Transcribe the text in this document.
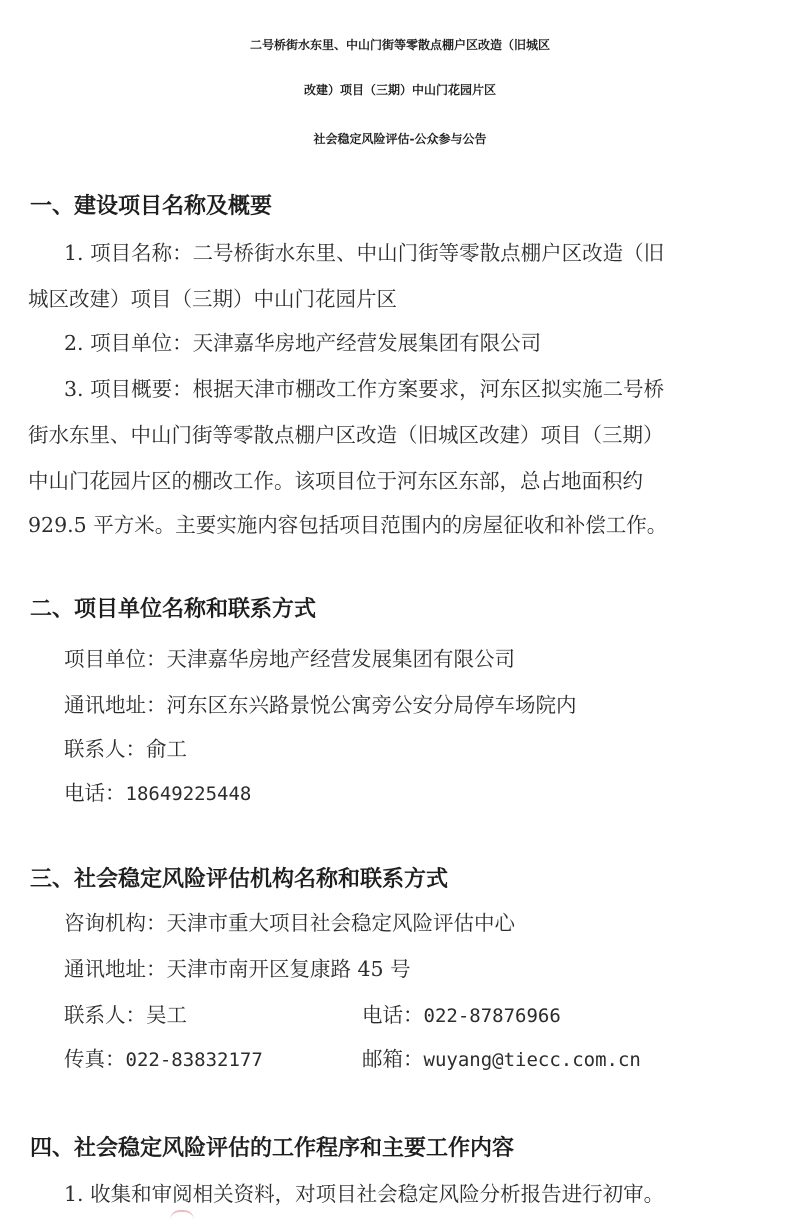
二号桥街水东里、中山门街等零散点棚户区改造（旧城区
改建）项目（三期）中山门花园片区
社会稳定风险评估-公众参与公告
一、建设项目名称及概要
1. 项目名称：二号桥街水东里、中山门街等零散点棚户区改造（旧
城区改建）项目（三期）中山门花园片区
2. 项目单位：天津嘉华房地产经营发展集团有限公司
3. 项目概要：根据天津市棚改工作方案要求，河东区拟实施二号桥
街水东里、中山门街等零散点棚户区改造（旧城区改建）项目（三期）
中山门花园片区的棚改工作。该项目位于河东区东部，总占地面积约
929.5 平方米。主要实施内容包括项目范围内的房屋征收和补偿工作。
二、项目单位名称和联系方式
项目单位：天津嘉华房地产经营发展集团有限公司
通讯地址：河东区东兴路景悦公寓旁公安分局停车场院内
联系人：俞工
电话：18649225448
三、社会稳定风险评估机构名称和联系方式
咨询机构：天津市重大项目社会稳定风险评估中心
通讯地址：天津市南开区复康路 45 号
联系人：吴工	电话：022-87876966
传真：022-83832177	邮箱：wuyang@tiecc.com.cn
四、社会稳定风险评估的工作程序和主要工作内容
1. 收集和审阅相关资料，对项目社会稳定风险分析报告进行初审。
